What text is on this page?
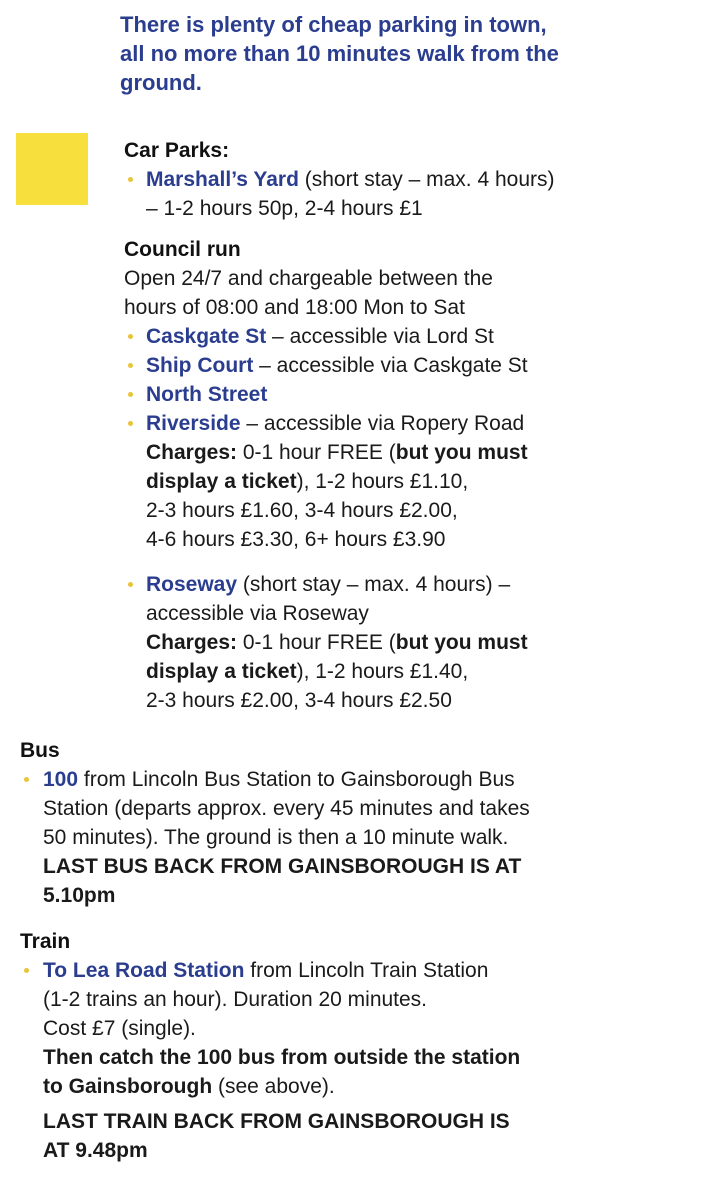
There is plenty of cheap parking in town,
all no more than 10 minutes walk from the
ground.
Car Parks:
Marshall’s Yard (short stay – max. 4 hours)
– 1-2 hours 50p, 2-4 hours £1
Council run
Open 24/7 and chargeable between the
hours of 08:00 and 18:00 Mon to Sat
Caskgate St – accessible via Lord St
Ship Court – accessible via Caskgate St
North Street
Riverside – accessible via Ropery Road
Charges: 0-1 hour FREE (but you must
display a ticket), 1-2 hours £1.10,
2-3 hours £1.60, 3-4 hours £2.00,
4-6 hours £3.30, 6+ hours £3.90
Roseway (short stay – max. 4 hours) –
accessible via Roseway
Charges: 0-1 hour FREE (but you must
display a ticket), 1-2 hours £1.40,
2-3 hours £2.00, 3-4 hours £2.50
Bus
100 from Lincoln Bus Station to Gainsborough Bus
Station (departs approx. every 45 minutes and takes
50 minutes). The ground is then a 10 minute walk.
LAST BUS BACK FROM GAINSBOROUGH IS AT
5.10pm
Train
To Lea Road Station from Lincoln Train Station
(1-2 trains an hour). Duration 20 minutes.
Cost £7 (single).
Then catch the 100 bus from outside the station
to Gainsborough (see above).
LAST TRAIN BACK FROM GAINSBOROUGH IS
AT 9.48pm
